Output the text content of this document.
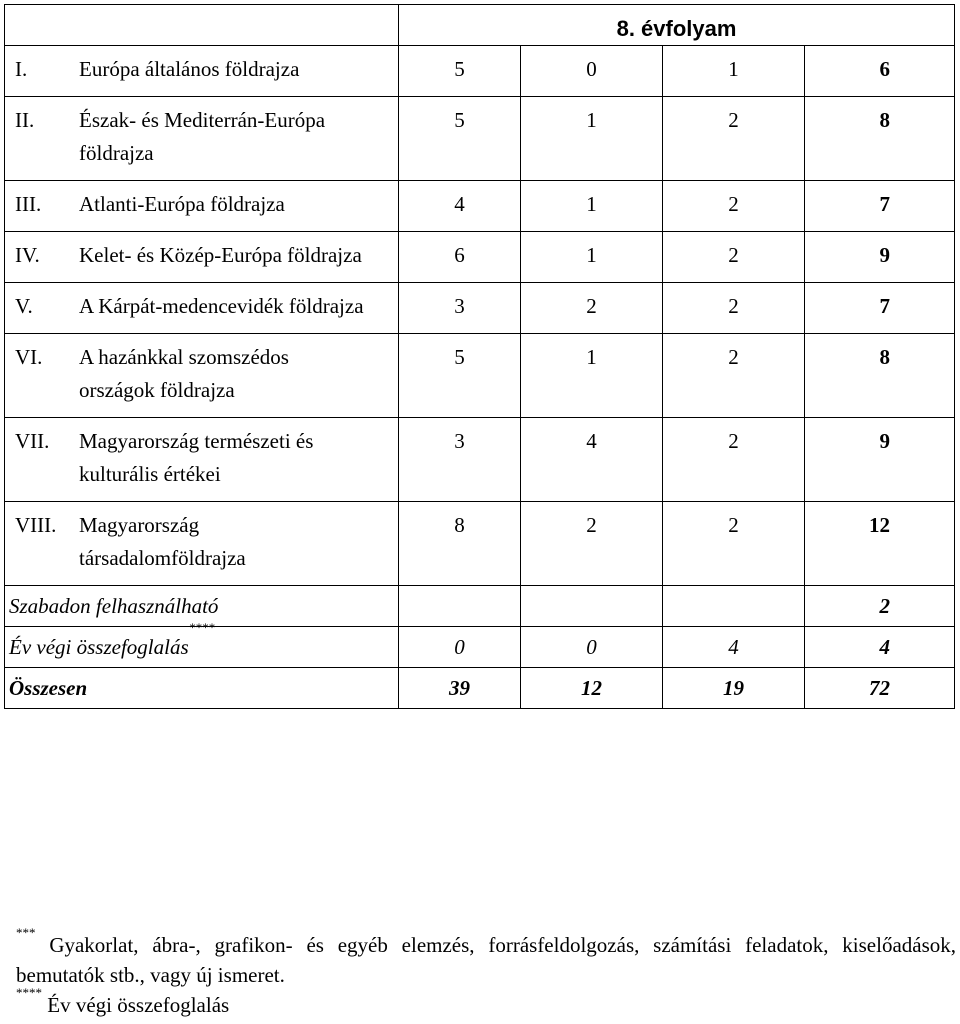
	8. évfolyam			
I. Európa általános földrajza	5	0	1	6
II. Észak- és Mediterrán-Európa földrajza	5	1	2	8
III. Atlanti-Európa földrajza	4	1	2	7
IV. Kelet- és Közép-Európa földrajza	6	1	2	9
V. A Kárpát-medencevidék földrajza	3	2	2	7
VI. A hazánkkal szomszédos országok földrajza	5	1	2	8
VII. Magyarország természeti és kulturális értékei	3	4	2	9
VIII. Magyarország társadalomföldrajza	8	2	2	12
Szabadon felhasználható				2
Év végi összefoglalás****	0	0	4	4
Összesen	39	12	19	72

*** Gyakorlat, ábra-, grafikon- és egyéb elemzés, forrásfeldolgozás, számítási feladatok, kiselőadások, bemutatók stb., vagy új ismeret.

**** Év végi összefoglalás
